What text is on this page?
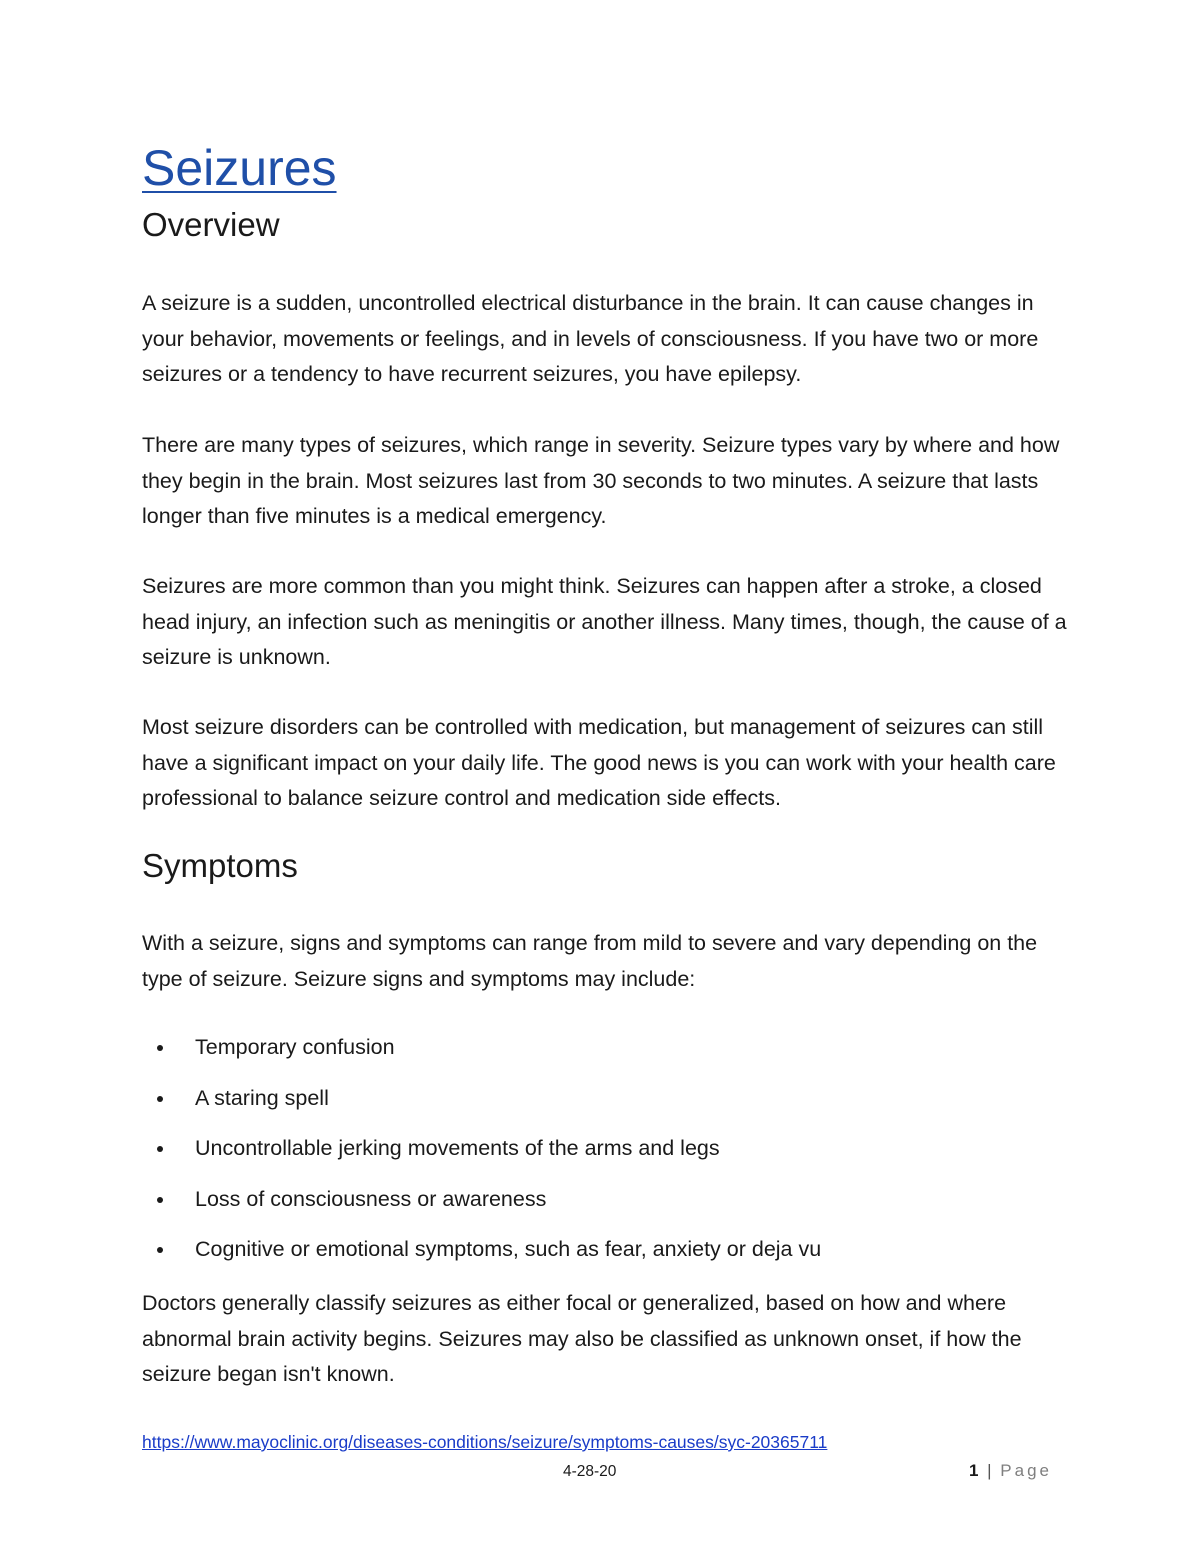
Seizures
Overview

A seizure is a sudden, uncontrolled electrical disturbance in the brain. It can cause changes in your behavior, movements or feelings, and in levels of consciousness. If you have two or more seizures or a tendency to have recurrent seizures, you have epilepsy.

There are many types of seizures, which range in severity. Seizure types vary by where and how they begin in the brain. Most seizures last from 30 seconds to two minutes. A seizure that lasts longer than five minutes is a medical emergency.

Seizures are more common than you might think. Seizures can happen after a stroke, a closed head injury, an infection such as meningitis or another illness. Many times, though, the cause of a seizure is unknown.

Most seizure disorders can be controlled with medication, but management of seizures can still have a significant impact on your daily life. The good news is you can work with your health care professional to balance seizure control and medication side effects.

Symptoms

With a seizure, signs and symptoms can range from mild to severe and vary depending on the type of seizure. Seizure signs and symptoms may include:

Temporary confusion
A staring spell
Uncontrollable jerking movements of the arms and legs
Loss of consciousness or awareness
Cognitive or emotional symptoms, such as fear, anxiety or deja vu

Doctors generally classify seizures as either focal or generalized, based on how and where abnormal brain activity begins. Seizures may also be classified as unknown onset, if how the seizure began isn't known.

https://www.mayoclinic.org/diseases-conditions/seizure/symptoms-causes/syc-20365711
4-28-20	1 | Page
